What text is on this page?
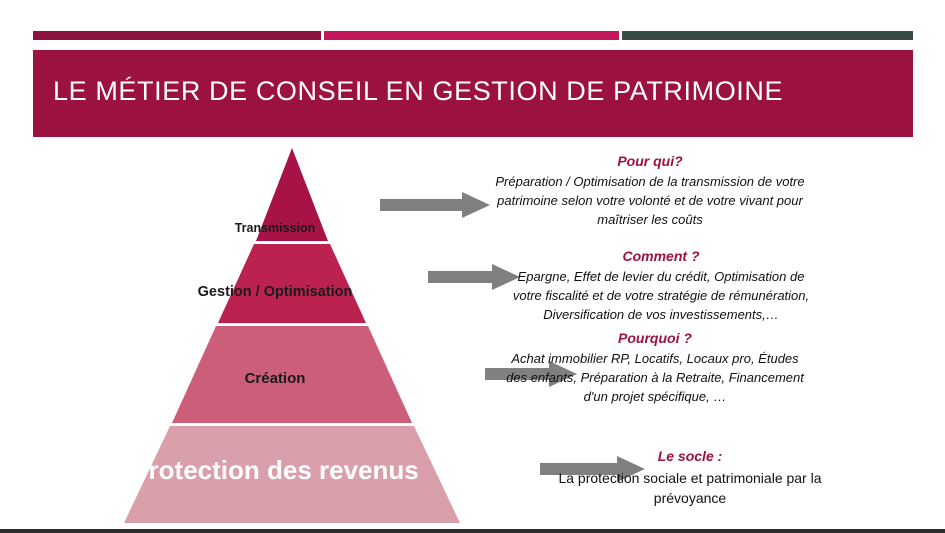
LE MÉTIER DE CONSEIL EN GESTION DE PATRIMOINE
Transmission
Gestion / Optimisation
Création
Protection des revenus
Pour qui?
Préparation / Optimisation de la transmission de votre patrimoine selon votre volonté et de votre vivant pour maîtriser les coûts
Comment ?
Epargne, Effet de levier du crédit, Optimisation de votre fiscalité et de votre stratégie de rémunération, Diversification de vos investissements,…
Pourquoi ?
Achat immobilier RP, Locatifs, Locaux pro, Études des enfants, Préparation à la Retraite, Financement d'un projet spécifique, …
Le socle :
La protection sociale et patrimoniale par la prévoyance
